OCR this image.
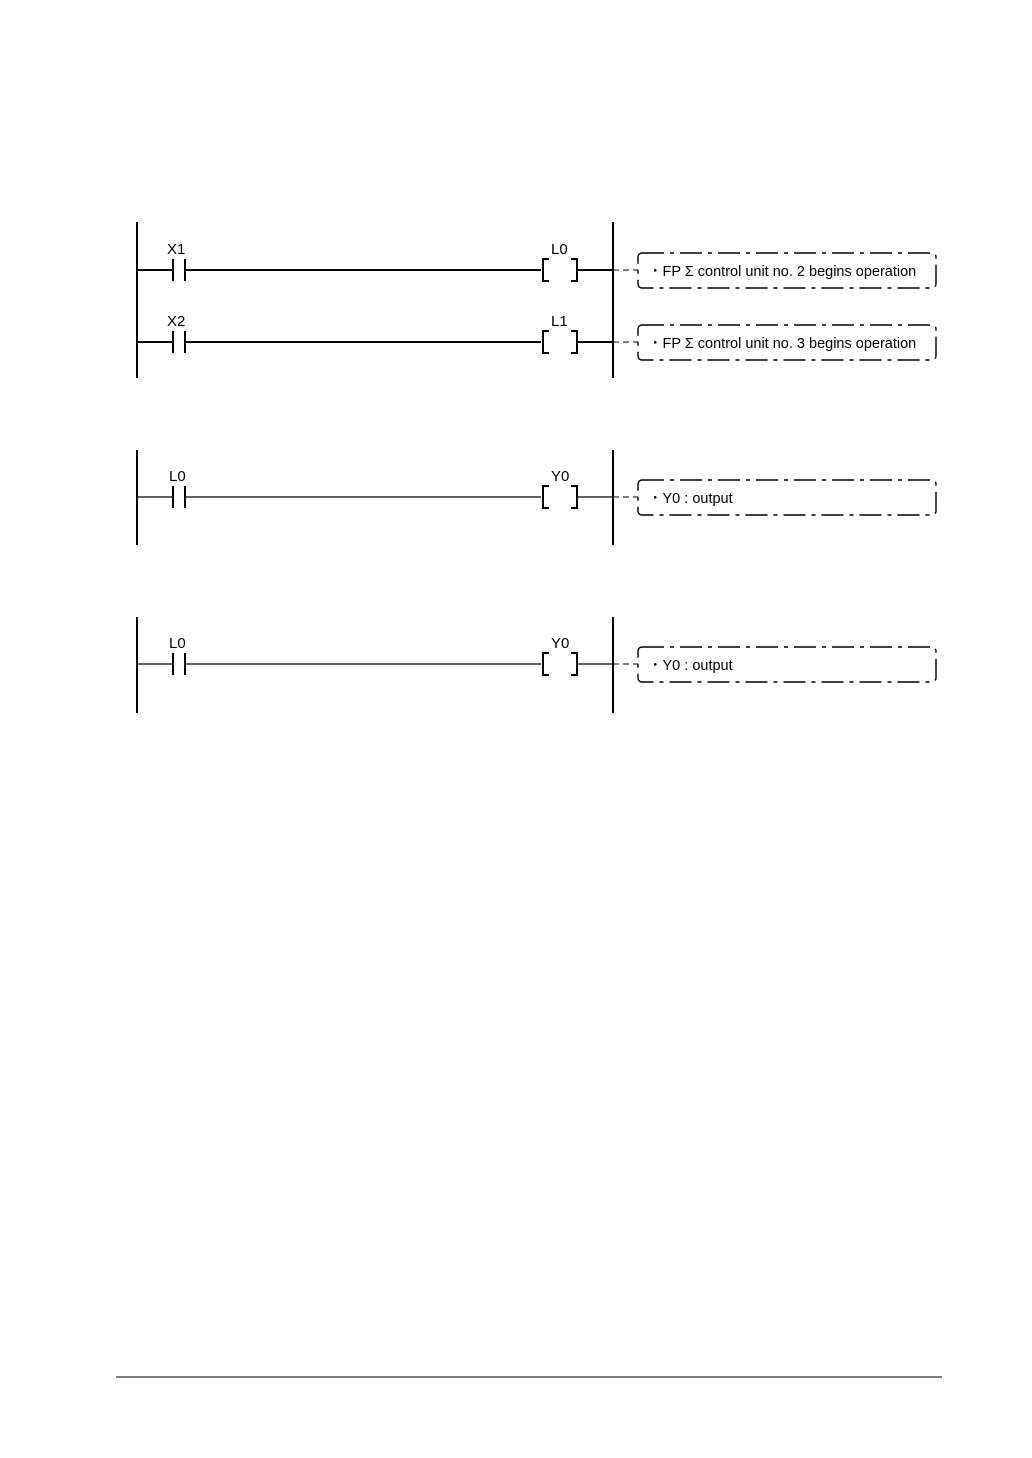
X1	L0
・FP Σ control unit no. 2 begins operation
X2	L1
・FP Σ control unit no. 3 begins operation
L0	Y0
・Y0 : output
L0	Y0
・Y0 : output
